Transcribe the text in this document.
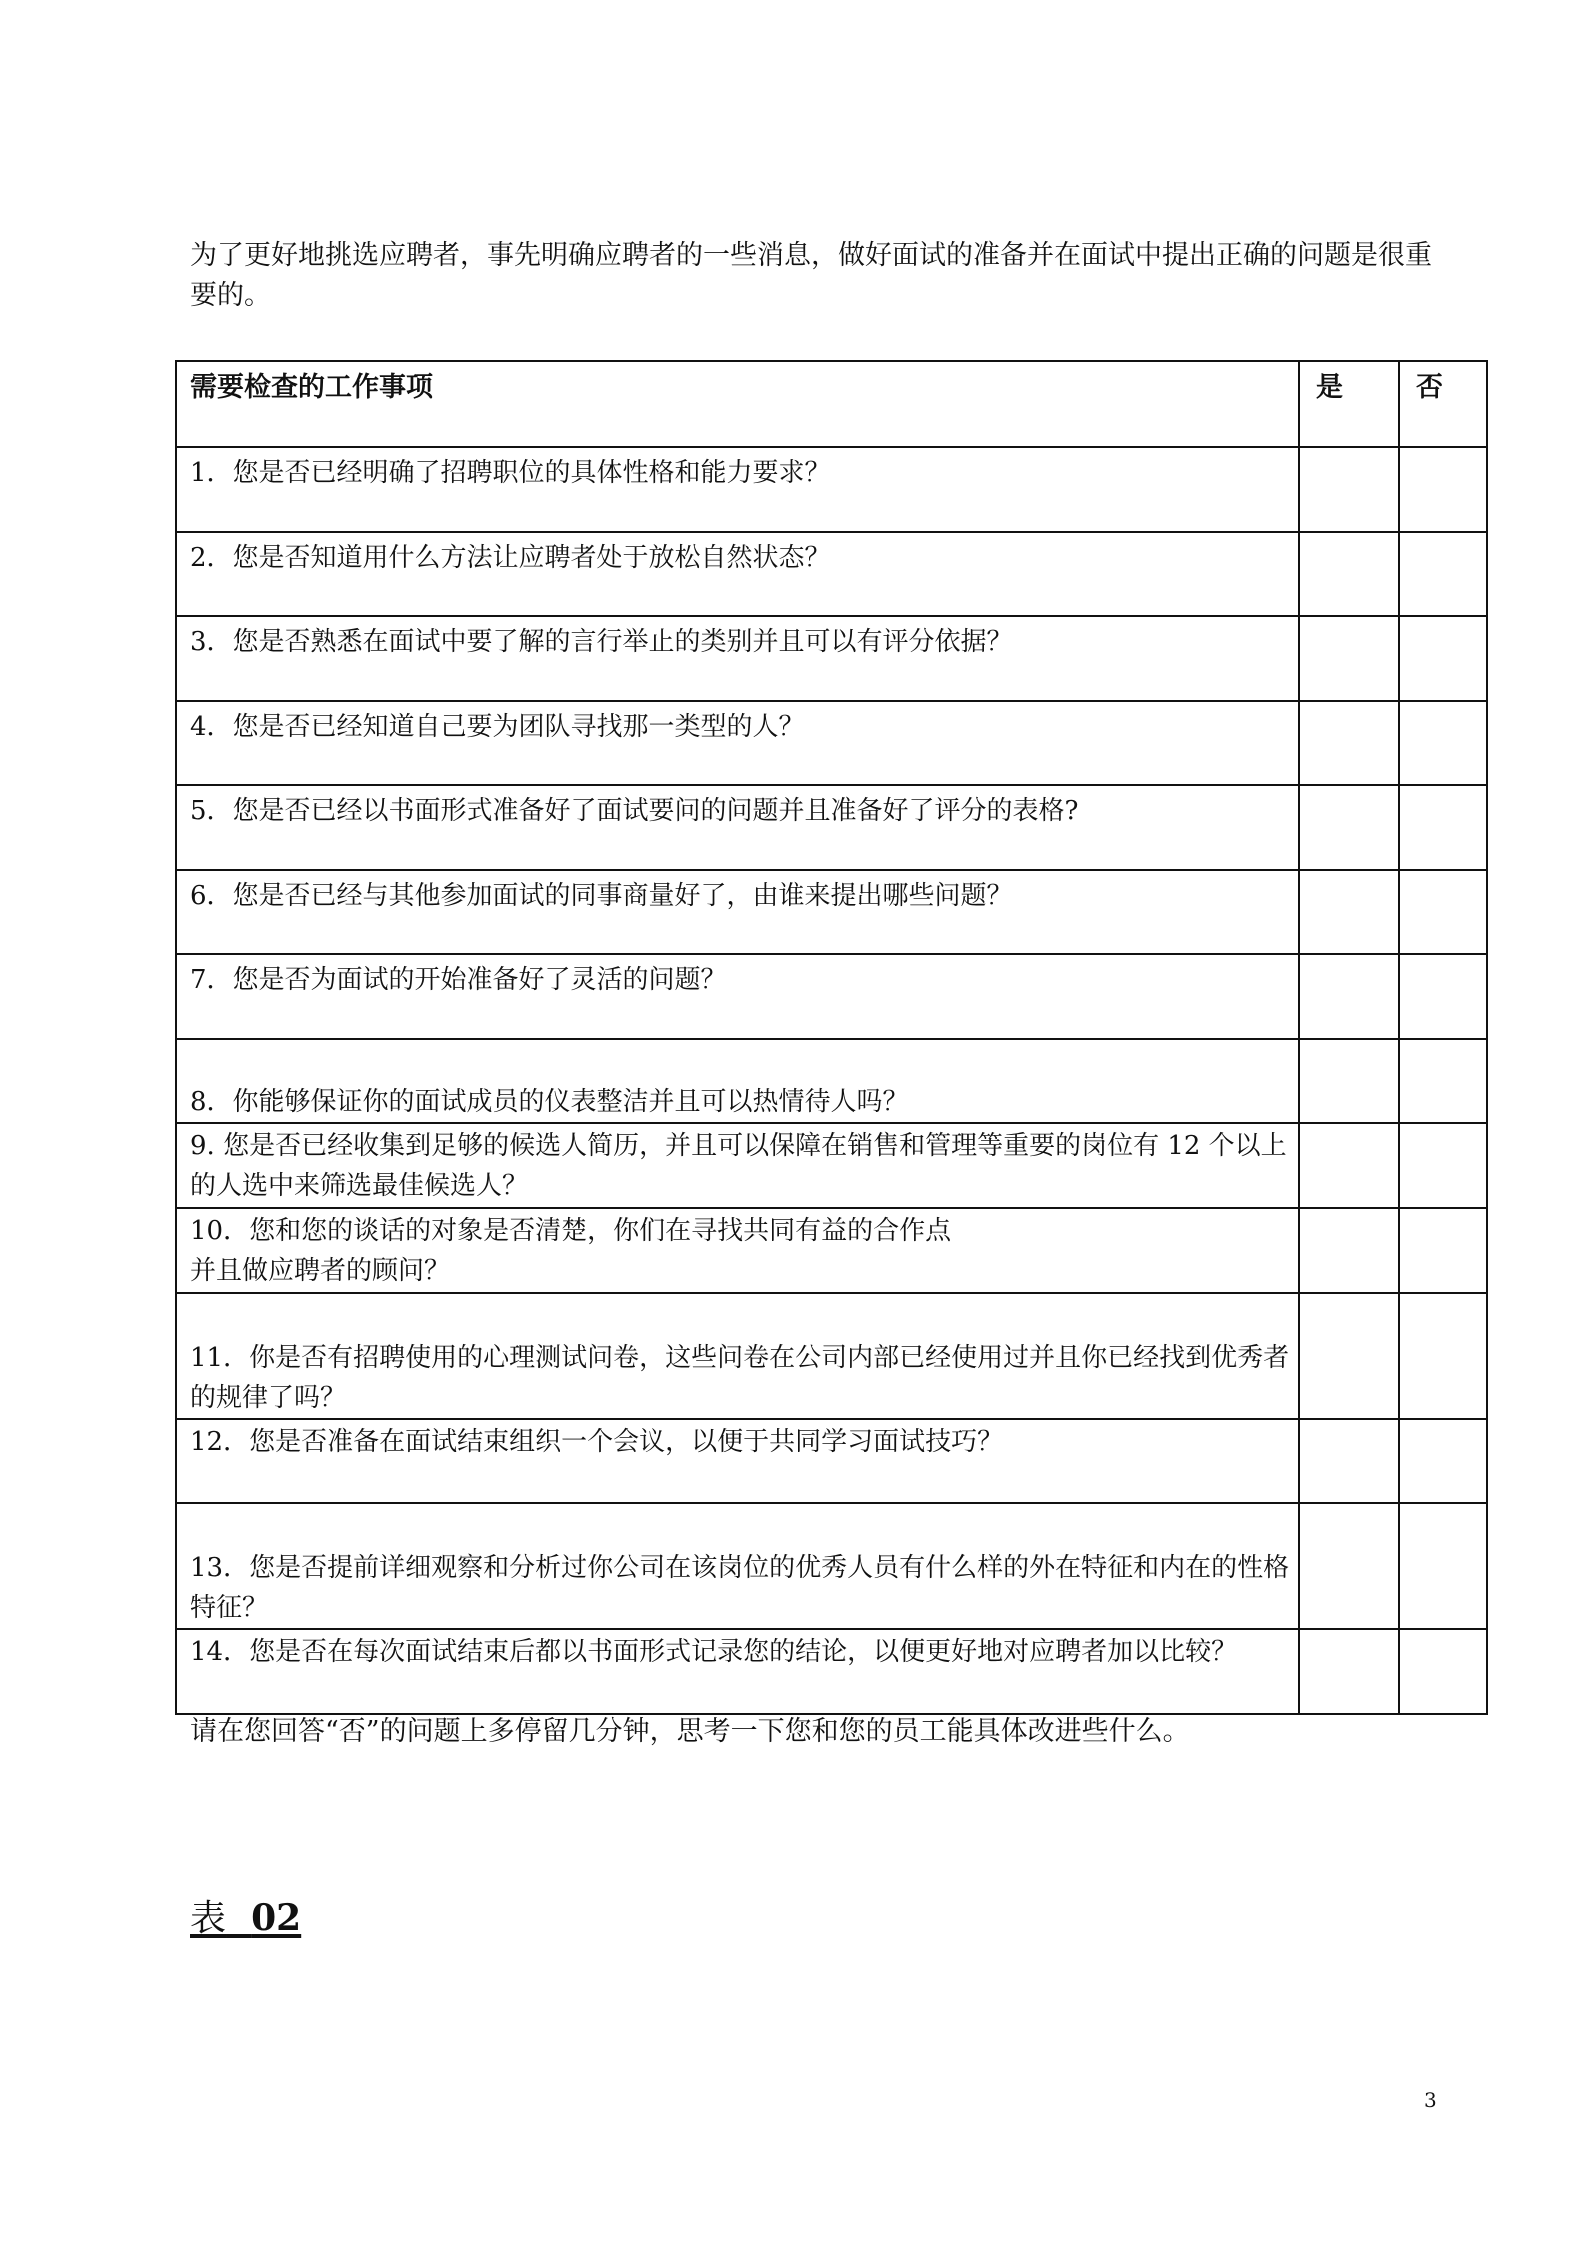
为了更好地挑选应聘者，事先明确应聘者的一些消息，做好面试的准备并在面试中提出正确的问题是很重要的。

需要检查的工作事项	是	否
1．您是否已经明确了招聘职位的具体性格和能力要求？		
2．您是否知道用什么方法让应聘者处于放松自然状态？		
3．您是否熟悉在面试中要了解的言行举止的类别并且可以有评分依据？		
4．您是否已经知道自己要为团队寻找那一类型的人？		
5．您是否已经以书面形式准备好了面试要问的问题并且准备好了评分的表格?		
6．您是否已经与其他参加面试的同事商量好了，由谁来提出哪些问题？		
7．您是否为面试的开始准备好了灵活的问题？		
8．你能够保证你的面试成员的仪表整洁并且可以热情待人吗？		
9. 您是否已经收集到足够的候选人简历，并且可以保障在销售和管理等重要的岗位有 12 个以上的人选中来筛选最佳候选人？		

10．您和您的谈话的对象是否清楚，你们在寻找共同有益的合作点
并且做应聘者的顾问？		

11．你是否有招聘使用的心理测试问卷，这些问卷在公司内部已经使用过并且你已经找到优秀者的规律了吗？		
12．您是否准备在面试结束组织一个会议，以便于共同学习面试技巧？		
13．您是否提前详细观察和分析过你公司在该岗位的优秀人员有什么样的外在特征和内在的性格特征？		
14．您是否在每次面试结束后都以书面形式记录您的结论，以便更好地对应聘者加以比较？		

请在您回答“否”的问题上多停留几分钟，思考一下您和您的员工能具体改进些什么。

表 02

3
